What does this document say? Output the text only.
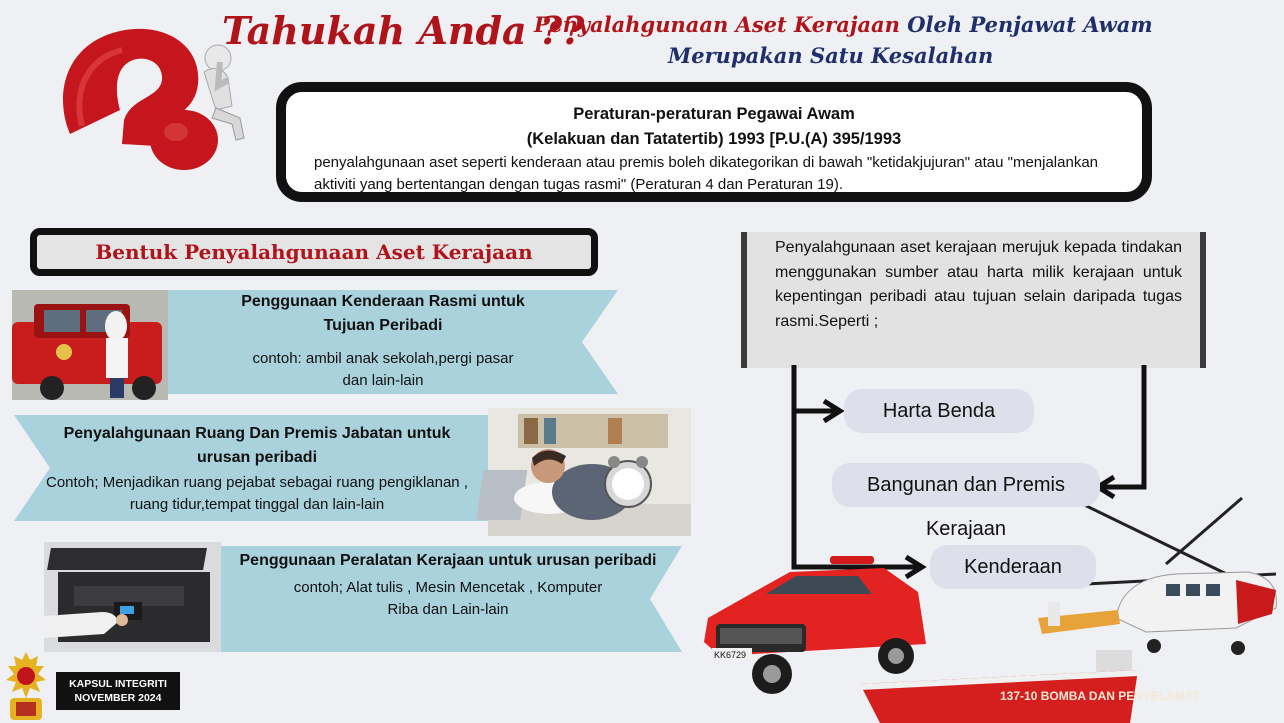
Tahukah Anda ??
Penyalahgunaan Aset Kerajaan Oleh Penjawat Awam
Merupakan Satu Kesalahan
Peraturan-peraturan Pegawai Awam
(Kelakuan dan Tatatertib) 1993 [P.U.(A) 395/1993
penyalahgunaan aset seperti kenderaan atau premis boleh dikategorikan di bawah "ketidakjujuran" atau "menjalankan aktiviti yang bertentangan dengan tugas rasmi" (Peraturan 4 dan Peraturan 19).
Bentuk Penyalahgunaan Aset Kerajaan
Penggunaan Kenderaan Rasmi untuk Tujuan Peribadi
contoh: ambil anak sekolah,pergi pasar dan lain-lain
Penyalahgunaan Ruang Dan Premis Jabatan untuk urusan peribadi
Contoh; Menjadikan ruang pejabat sebagai ruang pengiklanan , ruang tidur,tempat tinggal dan lain-lain
Penggunaan Peralatan Kerajaan untuk urusan peribadi
contoh; Alat tulis , Mesin Mencetak , Komputer Riba dan Lain-lain
Penyalahgunaan aset kerajaan merujuk kepada tindakan menggunakan sumber atau harta milik kerajaan untuk kepentingan peribadi atau tujuan selain daripada tugas rasmi.Seperti ;
KK6729
137-10 BOMBA DAN PENYELAMAT
Harta Benda
Bangunan dan Premis Kerajaan
Kenderaan
KAPSUL INTEGRITI
NOVEMBER 2024
